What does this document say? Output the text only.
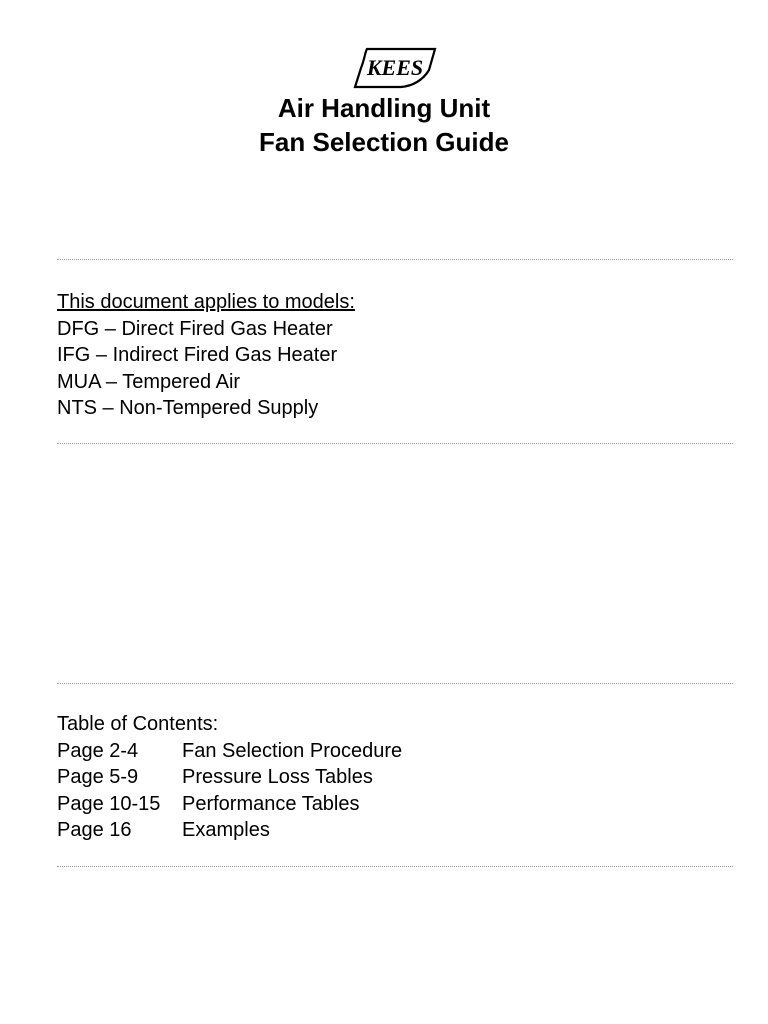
KEES
Air Handling Unit
Fan Selection Guide
This document applies to models:
DFG – Direct Fired Gas Heater
IFG – Indirect Fired Gas Heater
MUA – Tempered Air
NTS – Non-Tempered Supply
Table of Contents:
Page 2-4	Fan Selection Procedure
Page 5-9	Pressure Loss Tables
Page 10-15	Performance Tables
Page 16	Examples
